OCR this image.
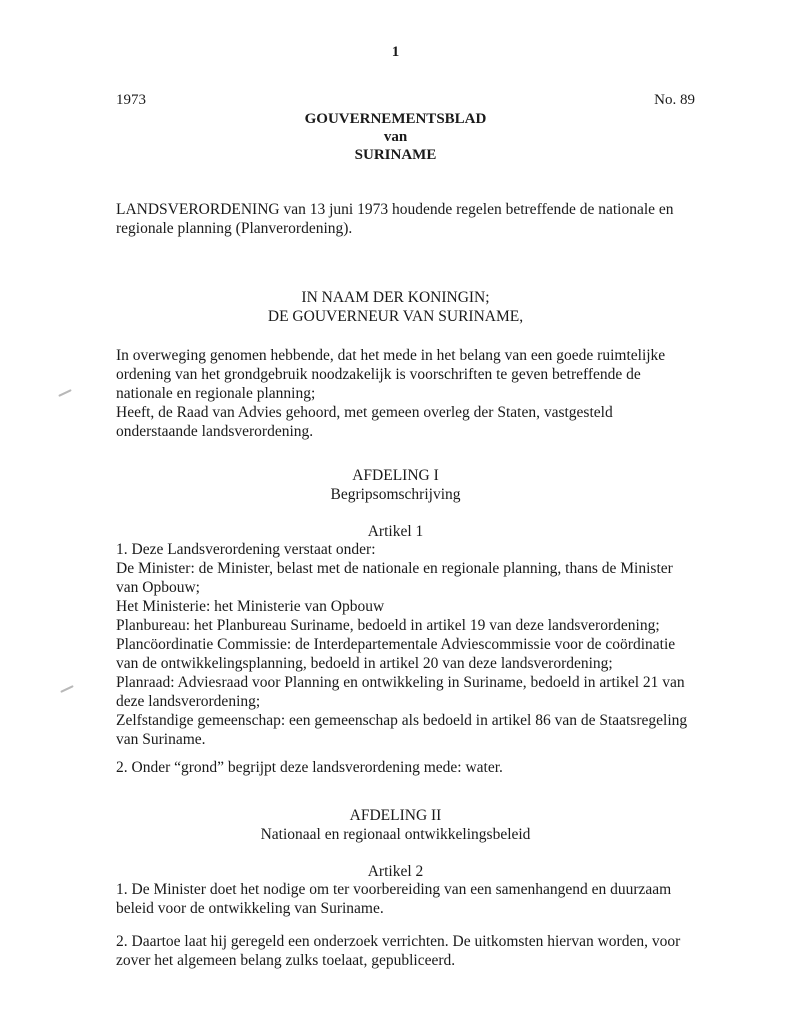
1
1973	No. 89
GOUVERNEMENTSBLAD
van
SURINAME
LANDSVERORDENING van 13 juni 1973 houdende regelen betreffende de nationale en regionale planning (Planverordening).
IN NAAM DER KONINGIN;
DE GOUVERNEUR VAN SURINAME,

In overweging genomen hebbende, dat het mede in het belang van een goede ruimtelijke ordening van het grondgebruik noodzakelijk is voorschriften te geven betreffende de nationale en regionale planning;

Heeft, de Raad van Advies gehoord, met gemeen overleg der Staten, vastgesteld onderstaande landsverordening.

AFDELING I
Begripsomschrijving
Artikel 1

1. Deze Landsverordening verstaat onder:

De Minister: de Minister, belast met de nationale en regionale planning, thans de Minister van Opbouw;

Het Ministerie: het Ministerie van Opbouw

Planbureau: het Planbureau Suriname, bedoeld in artikel 19 van deze landsverordening;

Plancöordinatie Commissie: de Interdepartementale Adviescommissie voor de coördinatie van de ontwikkelingsplanning, bedoeld in artikel 20 van deze landsverordening;

Planraad: Adviesraad voor Planning en ontwikkeling in Suriname, bedoeld in artikel 21 van deze landsverordening;

Zelfstandige gemeenschap: een gemeenschap als bedoeld in artikel 86 van de Staatsregeling van Suriname.

2. Onder “grond” begrijpt deze landsverordening mede: water.
AFDELING II
Nationaal en regionaal ontwikkelingsbeleid
Artikel 2
1. De Minister doet het nodige om ter voorbereiding van een samenhangend en duurzaam beleid voor de ontwikkeling van Suriname.
2. Daartoe laat hij geregeld een onderzoek verrichten. De uitkomsten hiervan worden, voor zover het algemeen belang zulks toelaat, gepubliceerd.
